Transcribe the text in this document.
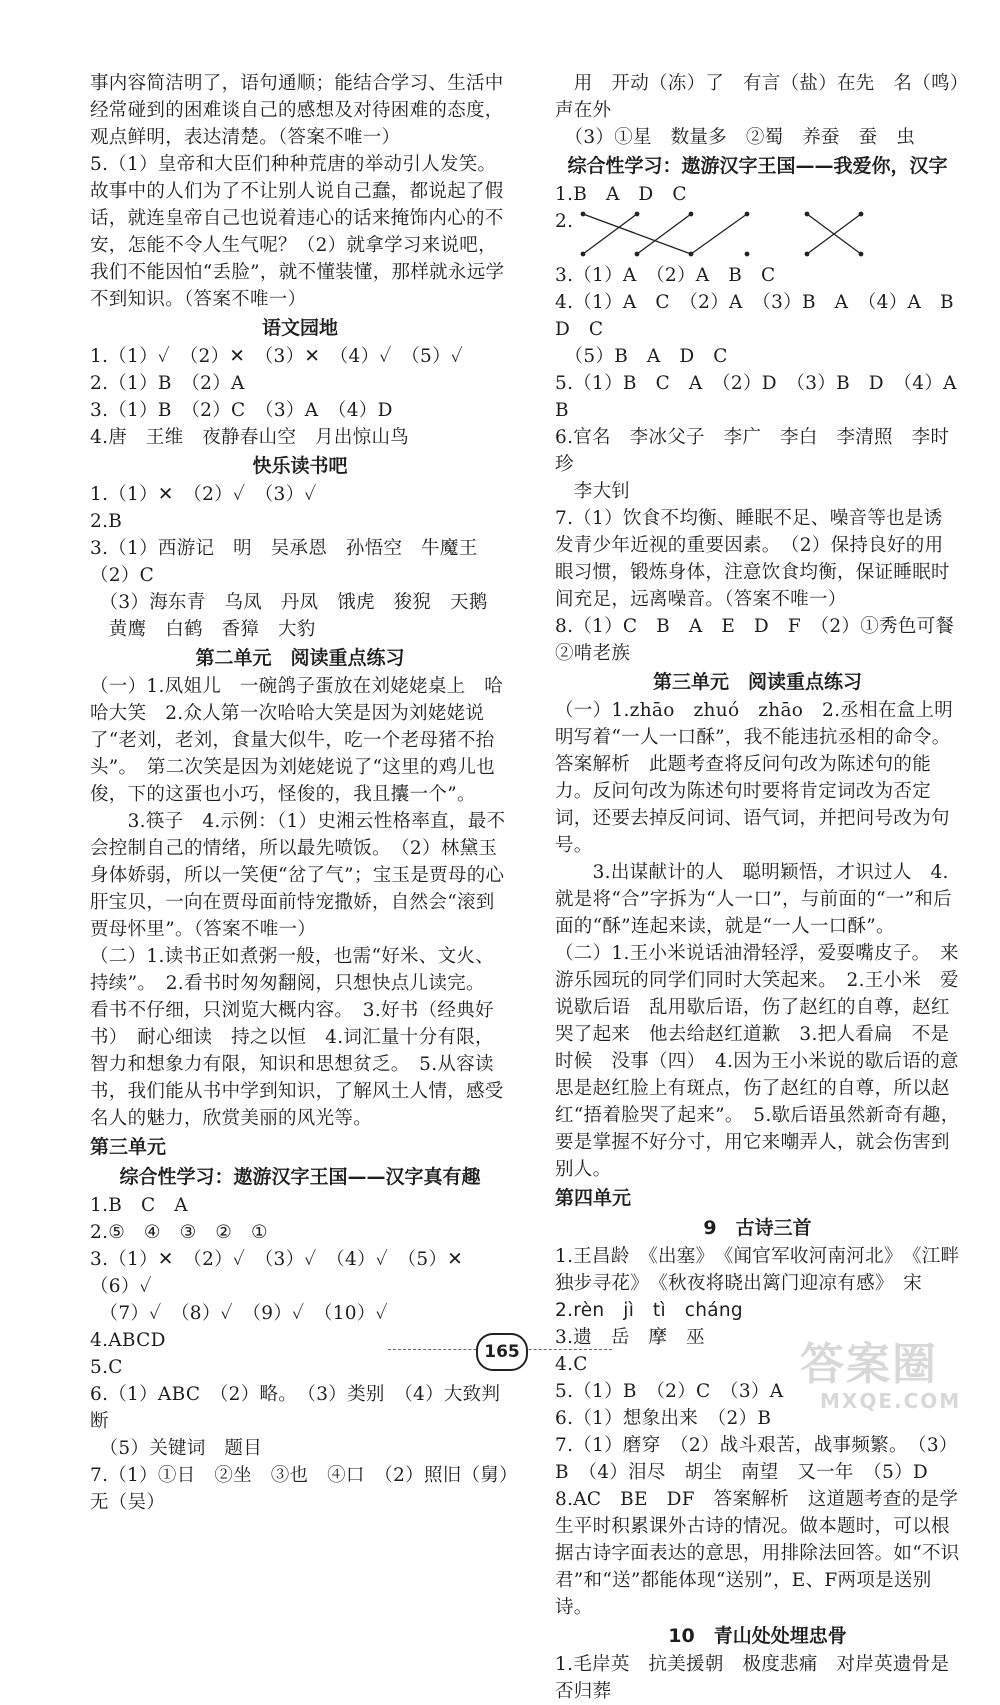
事内容简洁明了，语句通顺；能结合学习、生活中经常碰到的困难谈自己的感想及对待困难的态度，观点鲜明，表达清楚。（答案不唯一）
5.（1）皇帝和大臣们种种荒唐的举动引人发笑。故事中的人们为了不让别人说自己蠢，都说起了假话，就连皇帝自己也说着违心的话来掩饰内心的不安，怎能不令人生气呢？（2）就拿学习来说吧，我们不能因怕“丢脸”，就不懂装懂，那样就永远学不到知识。（答案不唯一）
语文园地
1.（1）✓　（2）✕　（3）✕　（4）✓　（5）✓
2.（1）B　（2）A
3.（1）B　（2）C　（3）A　（4）D
4.唐　王维　夜静春山空　月出惊山鸟
快乐读书吧
1.（1）✕　（2）✓　（3）✓
2.B
3.（1）西游记　明　吴承恩　孙悟空　牛魔王　（2）C
　（3）海东青　乌凤　丹凤　饿虎　狻猊　天鹅
　黄鹰　白鹤　香獐　大豹
第二单元　阅读重点练习
（一）1.凤姐儿　一碗鸽子蛋放在刘姥姥桌上　哈哈大笑　2.众人第一次哈哈大笑是因为刘姥姥说了“老刘，老刘，食量大似牛，吃一个老母猪不抬头”。　第二次笑是因为刘姥姥说了“这里的鸡儿也俊，下的这蛋也小巧，怪俊的，我且攮一个”。
　　3.筷子　4.示例：（1）史湘云性格率直，最不会控制自己的情绪，所以最先喷饭。　（2）林黛玉身体娇弱，所以一笑便“岔了气”；宝玉是贾母的心肝宝贝，一向在贾母面前恃宠撒娇，自然会“滚到贾母怀里”。（答案不唯一）
（二）1.读书正如煮粥一般，也需“好米、文火、持续”。　2.看书时匆匆翻阅，只想快点儿读完。　看书不仔细，只浏览大概内容。　3.好书（经典好书）　耐心细读　持之以恒　4.词汇量十分有限，智力和想象力有限，知识和思想贫乏。　5.从容读书，我们能从书中学到知识，了解风土人情，感受名人的魅力，欣赏美丽的风光等。
第三单元
综合性学习：遨游汉字王国——汉字真有趣
1.B　C　A
2.⑤　④　③　②　①
3.（1）✕　（2）✓　（3）✓　（4）✓　（5）✕　（6）✓
　（7）✓　（8）✓　（9）✓　（10）✓
4.ABCD
5.C
6.（1）ABC　（2）略。　（3）类别　（4）大致判断
　（5）关键词　题目
7.（1）①日　②坐　③也　④口　（2）照旧（舅）　无（吴）
　用　开动（冻）了　有言（盐）在先　名（鸣）声在外
　（3）①星　数量多　②蜀　养蚕　蚕　虫
综合性学习：遨游汉字王国——我爱你，汉字
1.B　A　D　C
2.
3.（1）A　（2）A　B　C
4.（1）A　C　（2）A　（3）B　A　（4）A　B　D　C
　（5）B　A　D　C
5.（1）B　C　A　（2）D　（3）B　D　（4）A　B
6.官名　李冰父子　李广　李白　李清照　李时珍
　李大钊
7.（1）饮食不均衡、睡眠不足、噪音等也是诱发青少年近视的重要因素。　（2）保持良好的用眼习惯，锻炼身体，注意饮食均衡，保证睡眠时间充足，远离噪音。（答案不唯一）
8.（1）C　B　A　E　D　F　（2）①秀色可餐　②啃老族
第三单元　阅读重点练习
（一）1.zhāo　zhuó　zhāo　2.丞相在盒上明明写着“一人一口酥”，我不能违抗丞相的命令。　答案解析　此题考查将反问句改为陈述句的能力。反问句改为陈述句时要将肯定词改为否定词，还要去掉反问词、语气词，并把问号改为句号。
　　3.出谋献计的人　聪明颖悟，才识过人　4.就是将“合”字拆为“人一口”，与前面的“一”和后面的“酥”连起来读，就是“一人一口酥”。
（二）1.王小米说话油滑轻浮，爱耍嘴皮子。　来游乐园玩的同学们同时大笑起来。　2.王小米　爱说歇后语　乱用歇后语，伤了赵红的自尊，赵红哭了起来　他去给赵红道歉　3.把人看扁　不是时候　没事（四）　4.因为王小米说的歇后语的意思是赵红脸上有斑点，伤了赵红的自尊，所以赵红“捂着脸哭了起来”。　5.歇后语虽然新奇有趣，要是掌握不好分寸，用它来嘲弄人，就会伤害到别人。
第四单元
9　古诗三首
1.王昌龄　《出塞》　《闻官军收河南河北》　《江畔独步寻花》　《秋夜将晓出篱门迎凉有感》　宋
2.rèn　jì　tì　cháng
3.遗　岳　摩　巫
4.C
5.（1）B　（2）C　（3）A
6.（1）想象出来　（2）B
7.（1）磨穿　（2）战斗艰苦，战事频繁。　（3）B　（4）泪尽　胡尘　南望　又一年　（5）D
8.AC　BE　DF　答案解析　这道题考查的是学生平时积累课外古诗的情况。做本题时，可以根据古诗字面表达的意思，用排除法回答。如“不识君”和“送”都能体现“送别”，E、F两项是送别诗。
10　青山处处埋忠骨
1.毛岸英　抗美援朝　极度悲痛　对岸英遗骨是否归葬
165	答案圈
MXQE.COM
